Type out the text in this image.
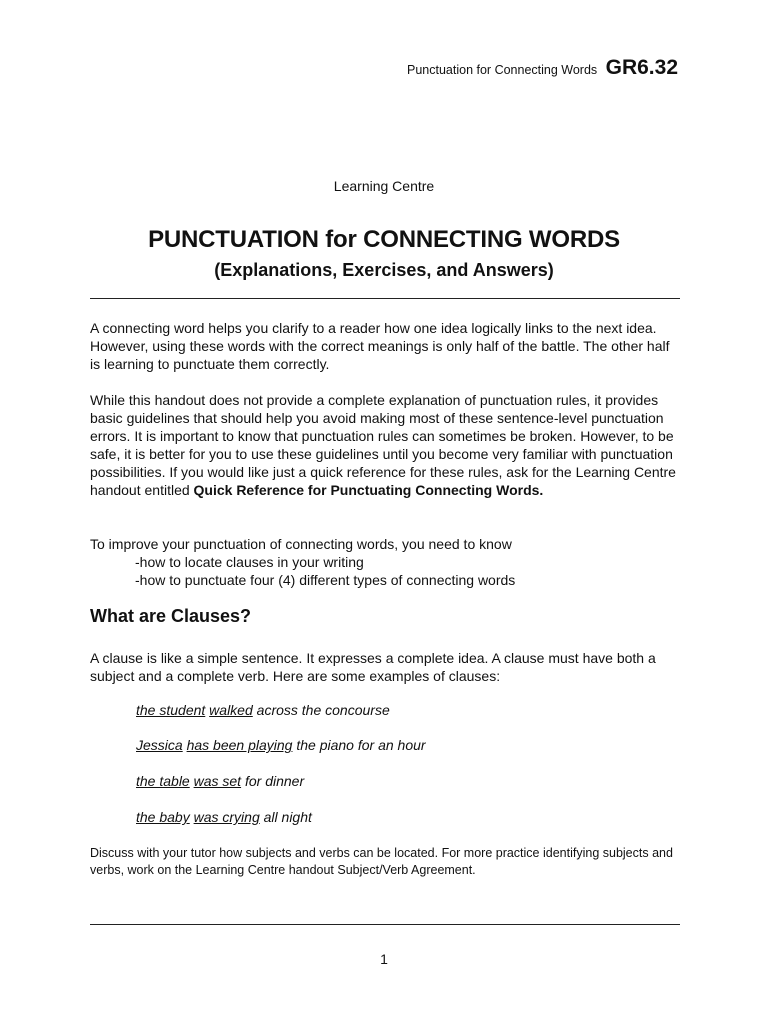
Punctuation for Connecting Words GR6.32
Learning Centre
PUNCTUATION for CONNECTING WORDS
(Explanations, Exercises, and Answers)
A connecting word helps you clarify to a reader how one idea logically links to the next idea. However, using these words with the correct meanings is only half of the battle. The other half is learning to punctuate them correctly.
While this handout does not provide a complete explanation of punctuation rules, it provides basic guidelines that should help you avoid making most of these sentence-level punctuation errors. It is important to know that punctuation rules can sometimes be broken. However, to be safe, it is better for you to use these guidelines until you become very familiar with punctuation possibilities. If you would like just a quick reference for these rules, ask for the Learning Centre handout entitled Quick Reference for Punctuating Connecting Words.
To improve your punctuation of connecting words, you need to know
-how to locate clauses in your writing
-how to punctuate four (4) different types of connecting words
What are Clauses?
A clause is like a simple sentence. It expresses a complete idea. A clause must have both a subject and a complete verb. Here are some examples of clauses:
the student walked across the concourse
Jessica has been playing the piano for an hour
the table was set for dinner
the baby was crying all night
Discuss with your tutor how subjects and verbs can be located. For more practice identifying subjects and verbs, work on the Learning Centre handout Subject/Verb Agreement.
1
